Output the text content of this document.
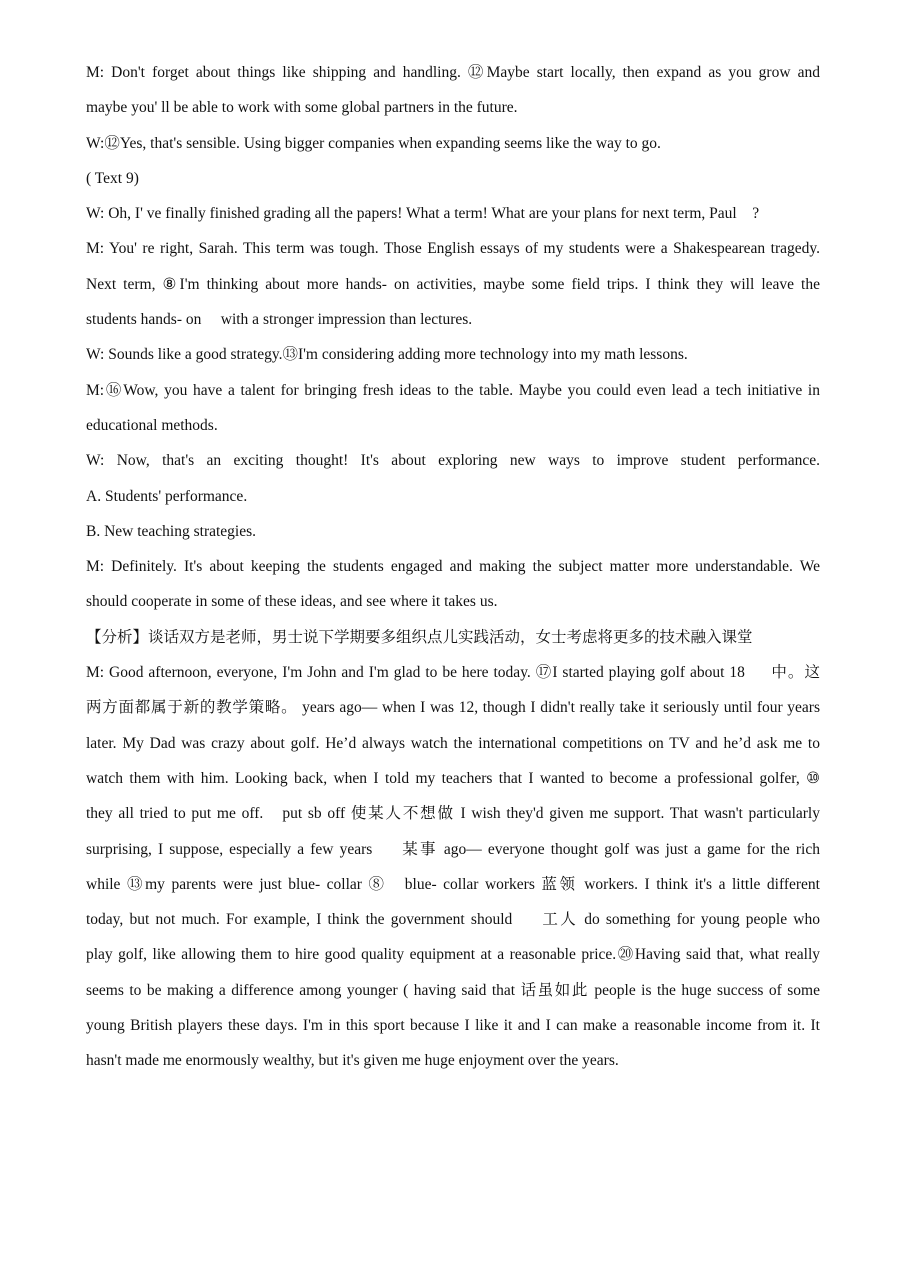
M: Don't forget about things like shipping and handling. ⑫Maybe start locally, then expand as you grow and
maybe you' ll be able to work with some global partners in the future.
W:⑫Yes, that's sensible. Using bigger companies when expanding seems like the way to go.
( Text 9)
W: Oh, I' ve finally finished grading all the papers! What a term! What are your plans for next term, Paul　?
M: You' re right, Sarah. This term was tough. Those English essays of my students were a Shakespearean tragedy.
Next term, ⑧I'm thinking about more hands- on activities, maybe some field trips. I think they will leave the
students hands- on　 with a stronger impression than lectures.
W: Sounds like a good strategy.⑬I'm considering adding more technology into my math lessons.
M:⑯Wow, you have a talent for bringing fresh ideas to the table. Maybe you could even lead a tech initiative in
educational methods.
W: Now, that's an exciting thought! It's about exploring new ways to improve student performance.
A. Students' performance.
B. New teaching strategies.
M: Definitely. It's about keeping the students engaged and making the subject matter more understandable. We
should cooperate in some of these ideas, and see where it takes us.
【分析】谈话双方是老师，男士说下学期要多组织点儿实践活动，女士考虑将更多的技术融入课堂
M: Good afternoon, everyone, I'm John and I'm glad to be here today. ⑰I started playing golf about 18 　 中。这
两方面都属于新的教学策略。 years ago— when I was 12, though I didn't really take it seriously until four years
later. My Dad was crazy about golf. He’d always watch the international competitions on TV and he’d ask me to
watch them with him. Looking back, when I told my teachers that I wanted to become a professional golfer, ⑩
they all tried to put me off.　put sb off 使某人不想做 I wish they'd given me support. That wasn't particularly
surprising, I suppose, especially a few years 　 某事 ago— everyone thought golf was just a game for the rich
while ⑬my parents were just blue- collar ⑧　blue- collar workers 蓝领 workers. I think it's a little different
today, but not much. For example, I think the government should 　 工人 do something for young people who
play golf, like allowing them to hire good quality equipment at a reasonable price.⑳Having said that, what really
seems to be making a difference among younger ( having said that 话虽如此 people is the huge success of some
young British players these days. I'm in this sport because I like it and I can make a reasonable income from it. It
hasn't made me enormously wealthy, but it's given me huge enjoyment over the years.
